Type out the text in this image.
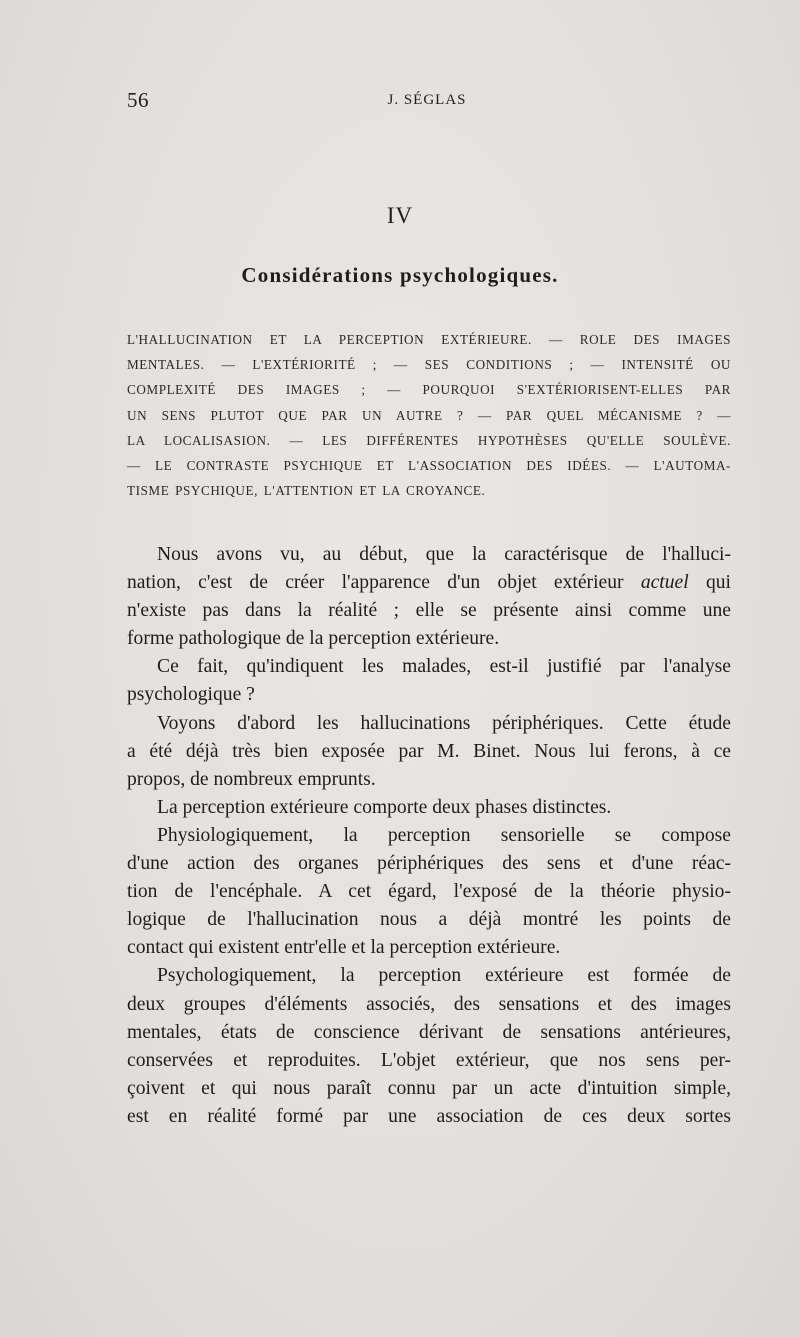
56	J. SÉGLAS
IV
Considérations psychologiques.
L'HALLUCINATION ET LA PERCEPTION EXTÉRIEURE. — ROLE DES IMAGES
MENTALES. — L'EXTÉRIORITÉ ; — SES CONDITIONS ; — INTENSITÉ OU
COMPLEXITÉ DES IMAGES ; — POURQUOI S'EXTÉRIORISENT-ELLES PAR
UN SENS PLUTOT QUE PAR UN AUTRE ? — PAR QUEL MÉCANISME ? —
LA LOCALISASION. — LES DIFFÉRENTES HYPOTHÈSES QU'ELLE SOULÈVE.
— LE CONTRASTE PSYCHIQUE ET L'ASSOCIATION DES IDÉES. — L'AUTOMA-
TISME PSYCHIQUE, L'ATTENTION ET LA CROYANCE.
Nous avons vu, au début, que la caractérisque de l'halluci-
nation, c'est de créer l'apparence d'un objet extérieur actuel qui
n'existe pas dans la réalité ; elle se présente ainsi comme une
forme pathologique de la perception extérieure.
Ce fait, qu'indiquent les malades, est-il justifié par l'analyse
psychologique ?
Voyons d'abord les hallucinations périphériques. Cette étude
a été déjà très bien exposée par M. Binet. Nous lui ferons, à ce
propos, de nombreux emprunts.
La perception extérieure comporte deux phases distinctes.
Physiologiquement, la perception sensorielle se compose
d'une action des organes périphériques des sens et d'une réac-
tion de l'encéphale. A cet égard, l'exposé de la théorie physio-
logique de l'hallucination nous a déjà montré les points de
contact qui existent entr'elle et la perception extérieure.
Psychologiquement, la perception extérieure est formée de
deux groupes d'éléments associés, des sensations et des images
mentales, états de conscience dérivant de sensations antérieures,
conservées et reproduites. L'objet extérieur, que nos sens per-
çoivent et qui nous paraît connu par un acte d'intuition simple,
est en réalité formé par une association de ces deux sortes
